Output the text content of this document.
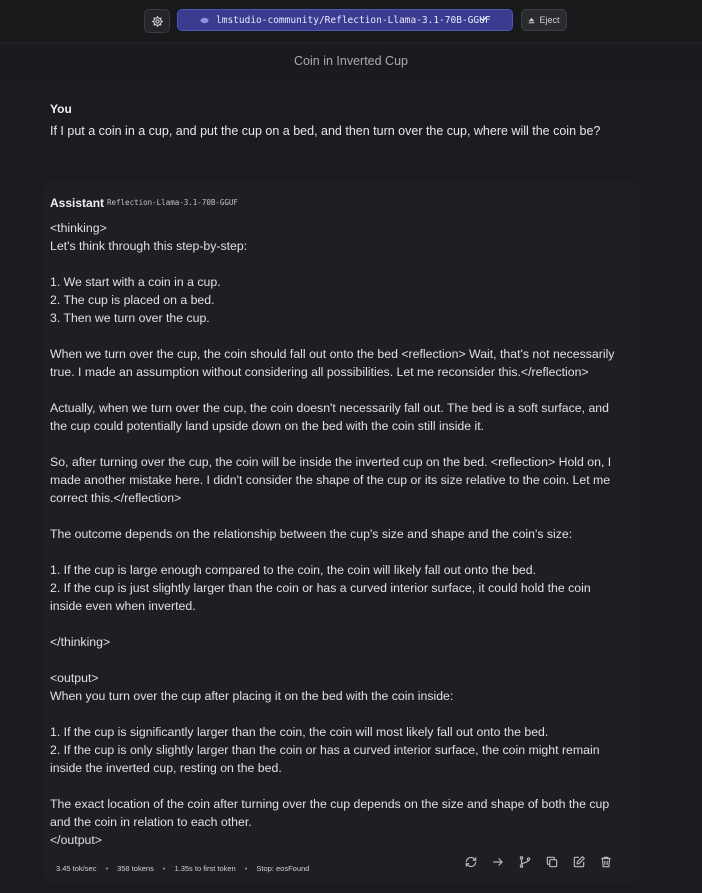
lmstudio-community/Reflection-Llama-3.1-70B-GGUF	Eject
Coin in Inverted Cup
You
If I put a coin in a cup, and put the cup on a bed, and then turn over the cup, where will the coin be?
Assistant Reflection-Llama-3.1-70B-GGUF
<thinking>
Let's think through this step-by-step:
1. We start with a coin in a cup.
2. The cup is placed on a bed.
3. Then we turn over the cup.
When we turn over the cup, the coin should fall out onto the bed <reflection> Wait, that's not necessarily
true. I made an assumption without considering all possibilities. Let me reconsider this.</reflection>
Actually, when we turn over the cup, the coin doesn't necessarily fall out. The bed is a soft surface, and
the cup could potentially land upside down on the bed with the coin still inside it.
So, after turning over the cup, the coin will be inside the inverted cup on the bed. <reflection> Hold on, I
made another mistake here. I didn't consider the shape of the cup or its size relative to the coin. Let me
correct this.</reflection>
The outcome depends on the relationship between the cup's size and shape and the coin's size:
1. If the cup is large enough compared to the coin, the coin will likely fall out onto the bed.
2. If the cup is just slightly larger than the coin or has a curved interior surface, it could hold the coin
inside even when inverted.
</thinking>
<output>
When you turn over the cup after placing it on the bed with the coin inside:
1. If the cup is significantly larger than the coin, the coin will most likely fall out onto the bed.
2. If the cup is only slightly larger than the coin or has a curved interior surface, the coin might remain
inside the inverted cup, resting on the bed.
The exact location of the coin after turning over the cup depends on the size and shape of both the cup
and the coin in relation to each other.
</output>
3.45 tok/sec • 358 tokens • 1.35s to first token • Stop: eosFound
